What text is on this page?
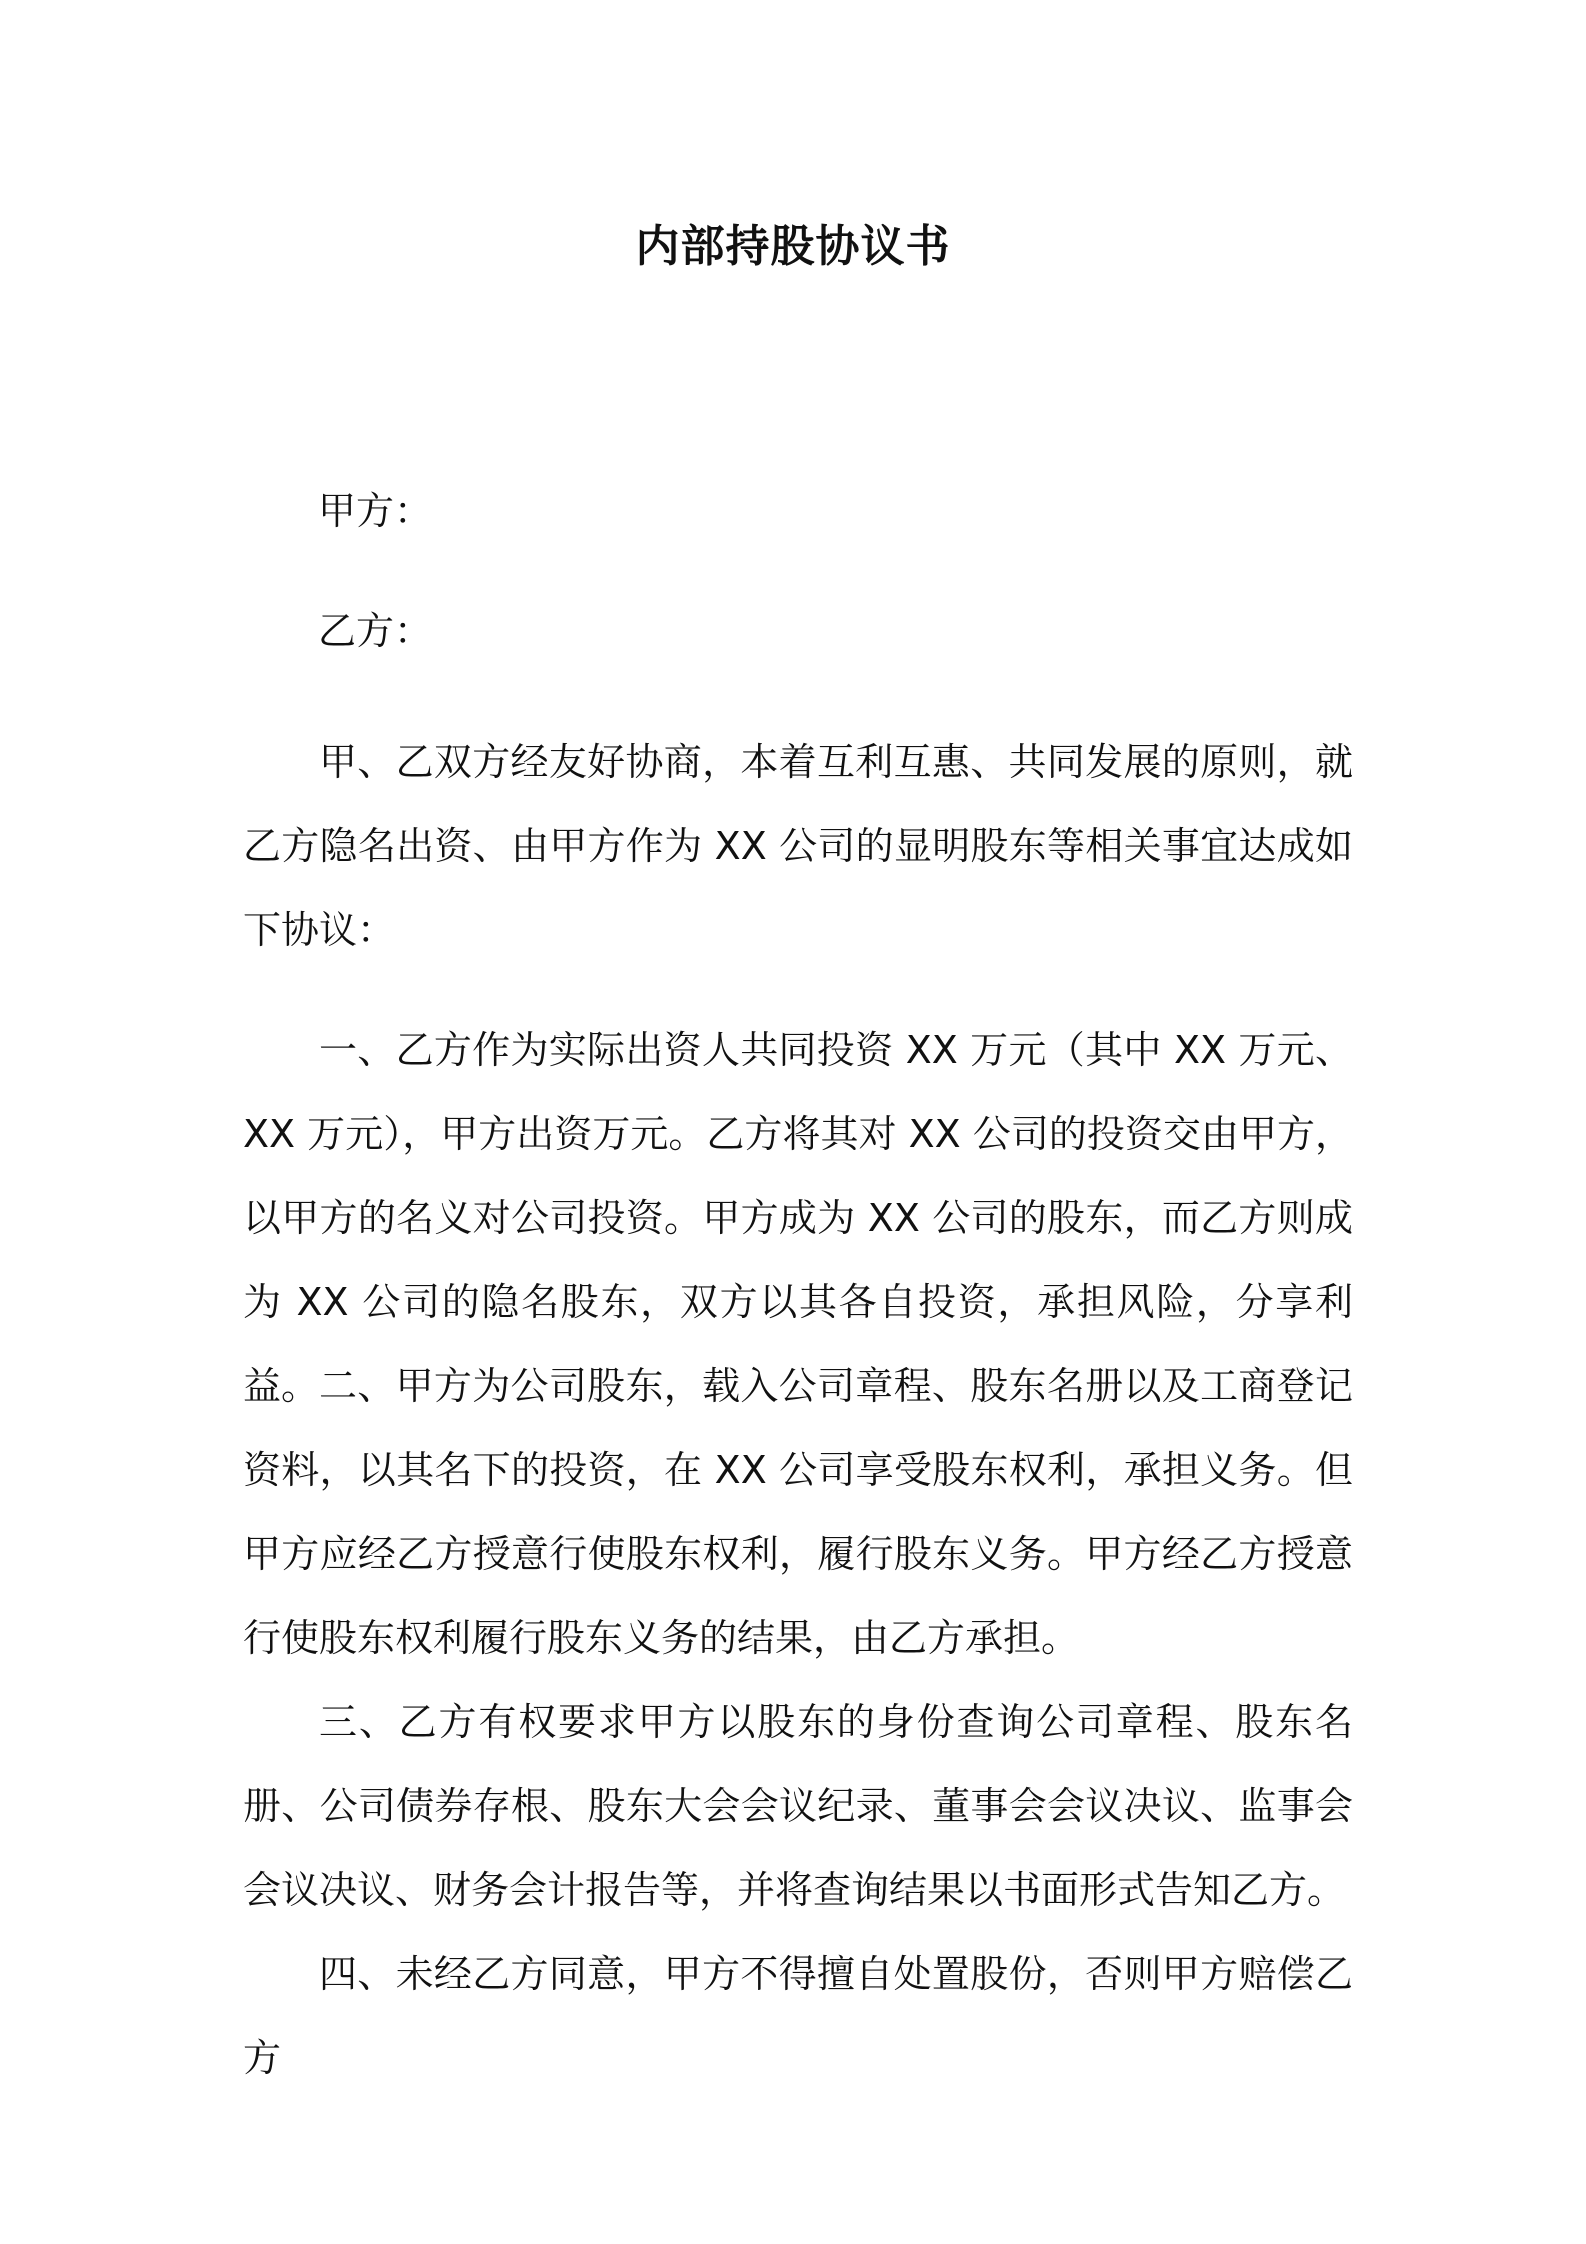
内部持股协议书
甲方：
乙方：

甲、乙双方经友好协商，本着互利互惠、共同发展的原则，就乙方隐名出资、由甲方作为 XX 公司的显明股东等相关事宜达成如下协议：

一、乙方作为实际出资人共同投资 XX 万元（其中 XX 万元、XX 万元），甲方出资万元。乙方将其对 XX 公司的投资交由甲方，以甲方的名义对公司投资。甲方成为 XX 公司的股东，而乙方则成为 XX 公司的隐名股东，双方以其各自投资，承担风险，分享利益。 二、甲方为公司股东，载入公司章程、股东名册以及工商登记资料，以其名下的投资，在 XX 公司享受股东权利，承担义务。但甲方应经乙方授意行使股东权利，履行股东义务。甲方经乙方授意行使股东权利履行股东义务的结果，由乙方承担。

三、乙方有权要求甲方以股东的身份查询公司章程、股东名册、公司债券存根、股东大会会议纪录、董事会会议决议、监事会会议决议、财务会计报告等，并将查询结果以书面形式告知乙方。

四、未经乙方同意，甲方不得擅自处置股份，否则甲方赔偿乙方
